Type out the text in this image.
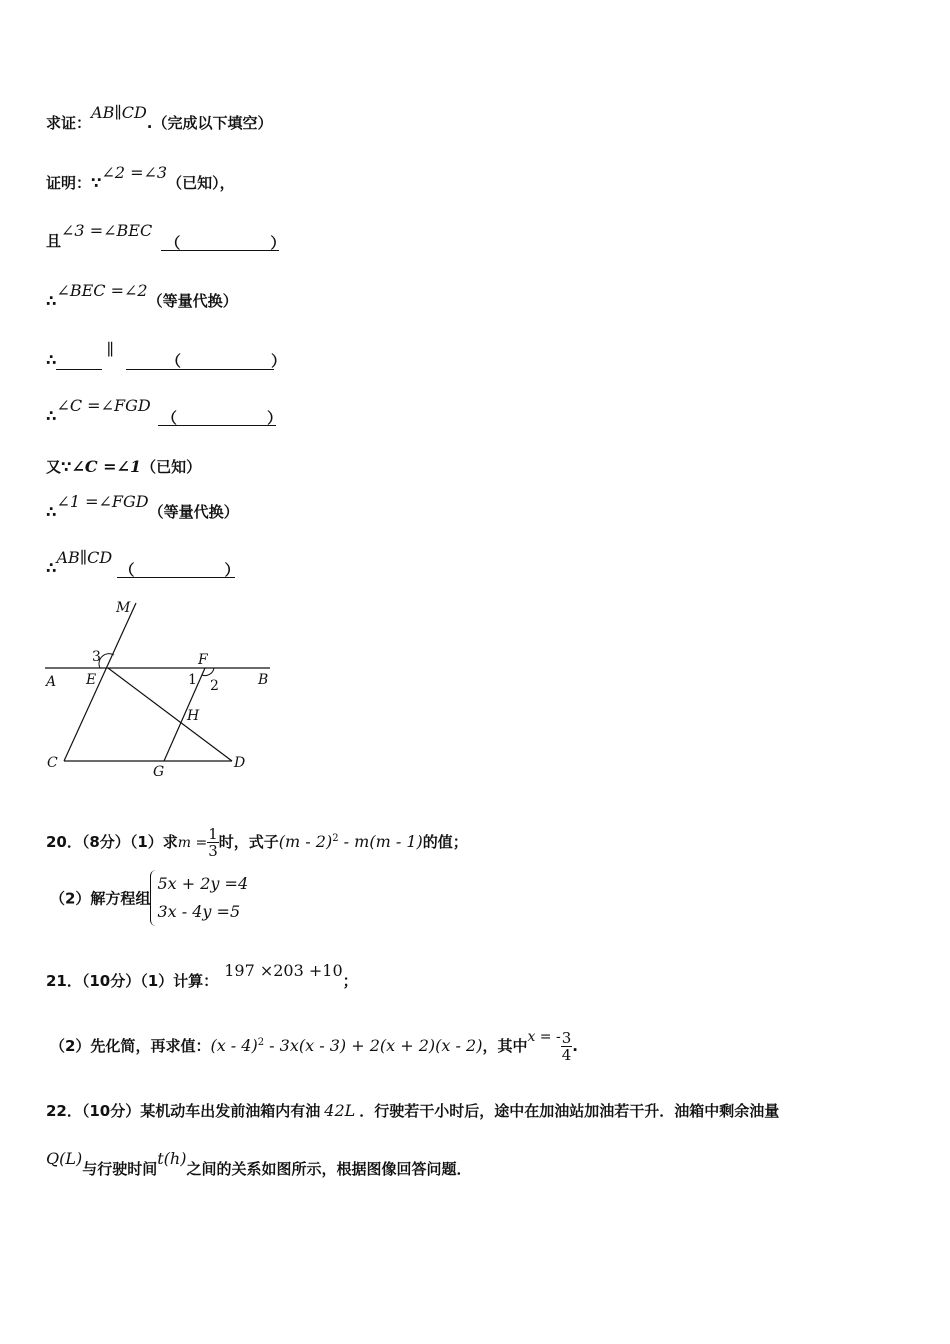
求证：AB∥CD.（完成以下填空）
证明：∵∠2 =∠3（已知），
且∠3 =∠BEC
（　　　　　　）

∴∠BEC =∠2（等量代换）
∴ ∥
（　　　　　　）
∴∠C =∠FGD
（　　　　　　）

又∵∠C =∠1（已知）
∴∠1 =∠FGD（等量代换）
∴AB∥CD
（　　　　　　）

M
3
A E
F
1 2	B
H
C
G
D
20．（8分）（1）求$m = \frac{1}{3}$ 时，式子(m - 2)$^2$ - m(m - 1)的值；
（2）解方程组
5x + 2y =4
3x - 4y =5
21．（10分）（1）计算：197 ×203 +10；
（2）先化简，再求值：(x - 4)$^2$ - 3x(x - 3) + 2(x + 2)(x - 2)，其中x = - $\frac{3}{4}$ .
22．（10分）某机动车出发前油箱内有油 42L ．行驶若干小时后，途中在加油站加油若干升．油箱中剩余油量
Q(L)与行驶时间t(h)之间的关系如图所示，根据图像回答问题．
